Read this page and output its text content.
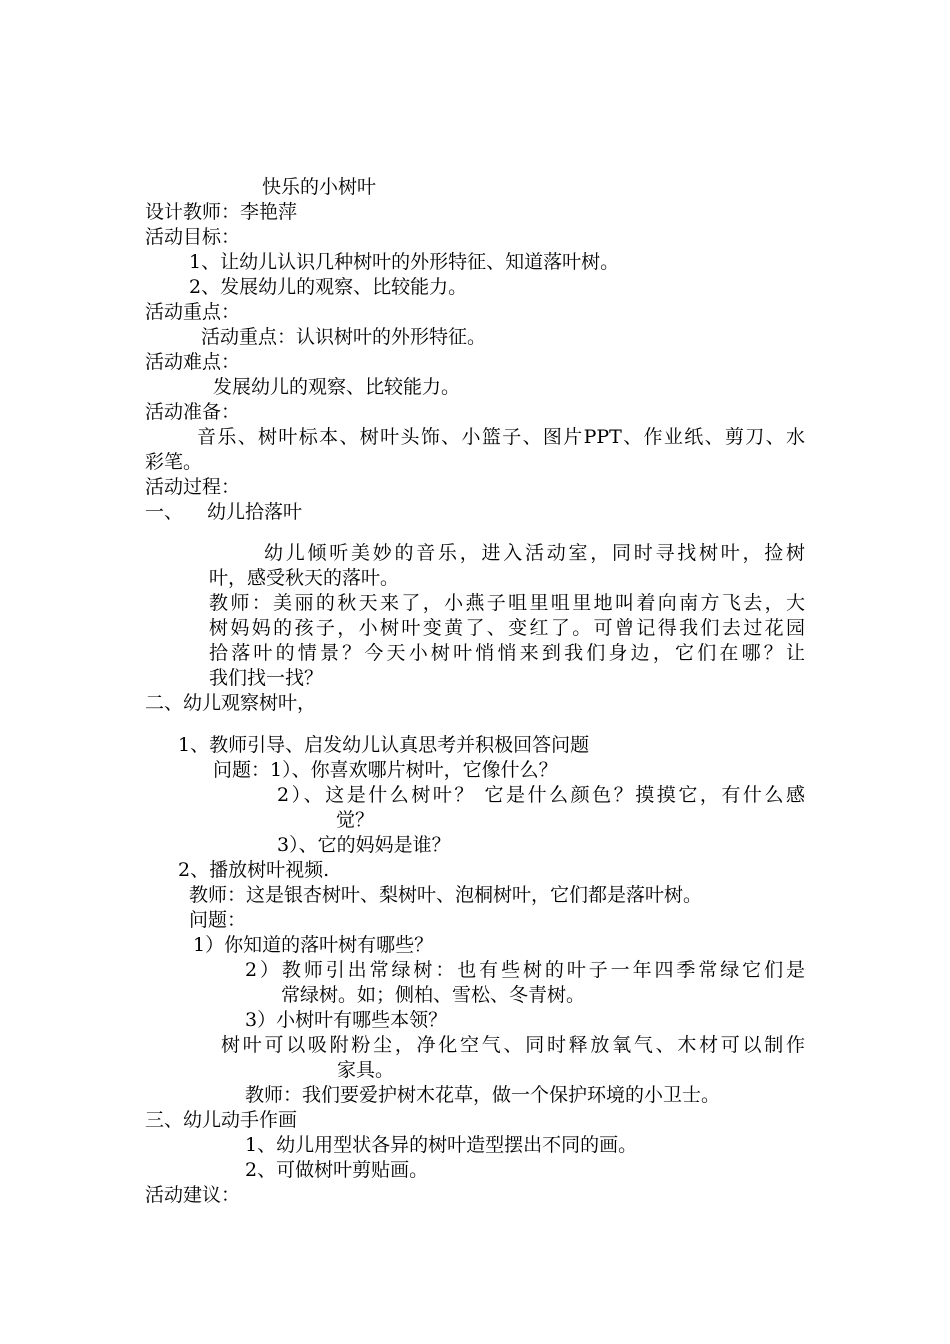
快乐的小树叶
设计教师：李艳萍
活动目标：
1、让幼儿认识几种树叶的外形特征、知道落叶树。
2、发展幼儿的观察、比较能力。
活动重点：
活动重点：认识树叶的外形特征。
活动难点：
发展幼儿的观察、比较能力。
活动准备：
音乐、树叶标本、树叶头饰、小篮子、图片PPT、作业纸、剪刀、水
彩笔。
活动过程：
一、 幼儿拾落叶
幼儿倾听美妙的音乐，进入活动室，同时寻找树叶，捡树
叶，感受秋天的落叶。
教师：美丽的秋天来了，小燕子咀里咀里地叫着向南方飞去，大
树妈妈的孩子，小树叶变黄了、变红了。可曾记得我们去过花园
拾落叶的情景？今天小树叶悄悄来到我们身边，它们在哪？让
我们找一找？
二、幼儿观察树叶，
1、教师引导、启发幼儿认真思考并积极回答问题
问题：1）、你喜欢哪片树叶，它像什么？
2）、这是什么树叶？ 它是什么颜色？摸摸它，有什么感
觉？
3）、它的妈妈是谁？
2、播放树叶视频.
教师：这是银杏树叶、梨树叶、泡桐树叶，它们都是落叶树。
问题：
1）你知道的落叶树有哪些？
2）教师引出常绿树：也有些树的叶子一年四季常绿它们是
常绿树。如；侧柏、雪松、冬青树。
3）小树叶有哪些本领？
树叶可以吸附粉尘，净化空气、同时释放氧气、木材可以制作
家具。
教师：我们要爱护树木花草，做一个保护环境的小卫士。
三、幼儿动手作画
1、幼儿用型状各异的树叶造型摆出不同的画。
2、可做树叶剪贴画。
活动建议：
